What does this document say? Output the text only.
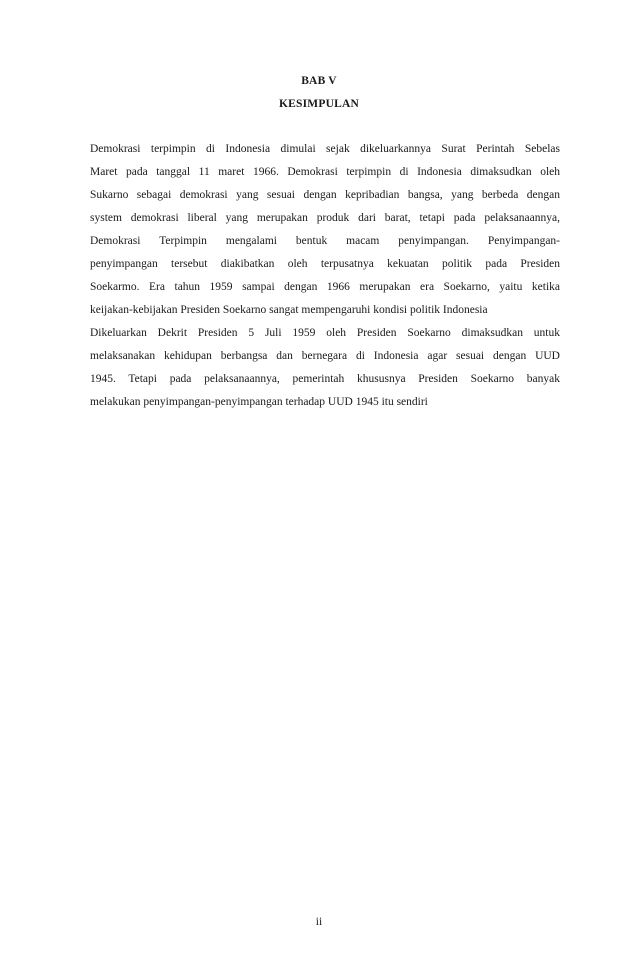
BAB V
KESIMPULAN
Demokrasi terpimpin di Indonesia dimulai sejak dikeluarkannya Surat Perintah Sebelas
Maret pada tanggal 11 maret 1966. Demokrasi terpimpin di Indonesia dimaksudkan oleh
Sukarno sebagai demokrasi yang sesuai dengan kepribadian bangsa, yang berbeda dengan
system demokrasi liberal yang merupakan produk dari barat, tetapi pada pelaksanaannya,
Demokrasi Terpimpin mengalami bentuk macam penyimpangan. Penyimpangan-
penyimpangan tersebut diakibatkan oleh terpusatnya kekuatan politik pada Presiden
Soekarmo. Era tahun 1959 sampai dengan 1966 merupakan era Soekarno, yaitu ketika
keijakan-kebijakan Presiden Soekarno sangat mempengaruhi kondisi politik Indonesia
Dikeluarkan Dekrit Presiden 5 Juli 1959 oleh Presiden Soekarno dimaksudkan untuk
melaksanakan kehidupan berbangsa dan bernegara di Indonesia agar sesuai dengan UUD
1945. Tetapi pada pelaksanaannya, pemerintah khususnya Presiden Soekarno banyak
melakukan penyimpangan-penyimpangan terhadap UUD 1945 itu sendiri
ii
